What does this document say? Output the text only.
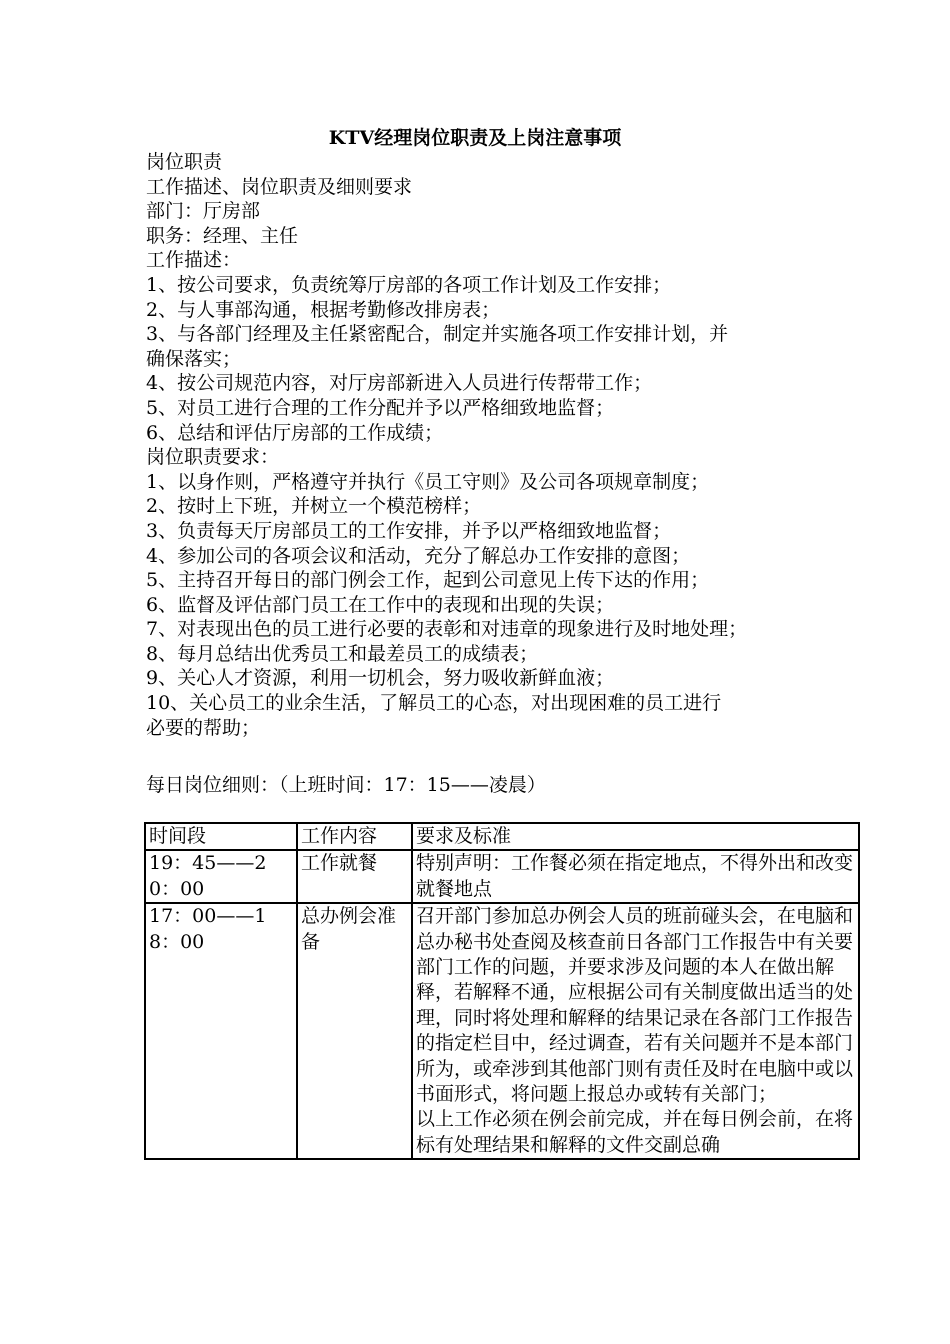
KTV经理岗位职责及上岗注意事项
岗位职责
工作描述、岗位职责及细则要求
部门：厅房部
职务：经理、主任
工作描述：
1、按公司要求，负责统筹厅房部的各项工作计划及工作安排；
2、与人事部沟通，根据考勤修改排房表；
3、与各部门经理及主任紧密配合，制定并实施各项工作安排计划，并
确保落实；
4、按公司规范内容，对厅房部新进入人员进行传帮带工作；
5、对员工进行合理的工作分配并予以严格细致地监督；
6、总结和评估厅房部的工作成绩；
岗位职责要求：
1、以身作则，严格遵守并执行《员工守则》及公司各项规章制度；
2、按时上下班，并树立一个模范榜样；
3、负责每天厅房部员工的工作安排，并予以严格细致地监督；
4、参加公司的各项会议和活动，充分了解总办工作安排的意图；
5、主持召开每日的部门例会工作，起到公司意见上传下达的作用；
6、监督及评估部门员工在工作中的表现和出现的失误；
7、对表现出色的员工进行必要的表彰和对违章的现象进行及时地处理；
8、每月总结出优秀员工和最差员工的成绩表；
9、关心人才资源，利用一切机会，努力吸收新鲜血液；
10、关心员工的业余生活，了解员工的心态，对出现困难的员工进行
必要的帮助；
每日岗位细则：（上班时间：17：15——凌晨）
时间段	工作内容	要求及标准
19：45——20：00	工作就餐	特别声明：工作餐必须在指定地点，不得外出和改变就餐地点

17：00——18：00	总办例会准备	召开部门参加总办例会人员的班前碰头会，在电脑和总办秘书处查阅及核查前日各部门工作报告中有关要部门工作的问题，并要求涉及问题的本人在做出解释，若解释不通，应根据公司有关制度做出适当的处理，同时将处理和解释的结果记录在各部门工作报告的指定栏目中，经过调查，若有关问题并不是本部门所为，或牵涉到其他部门则有责任及时在电脑中或以书面形式，将问题上报总办或转有关部门；
以上工作必须在例会前完成，并在每日例会前，在将标有处理结果和解释的文件交副总确
